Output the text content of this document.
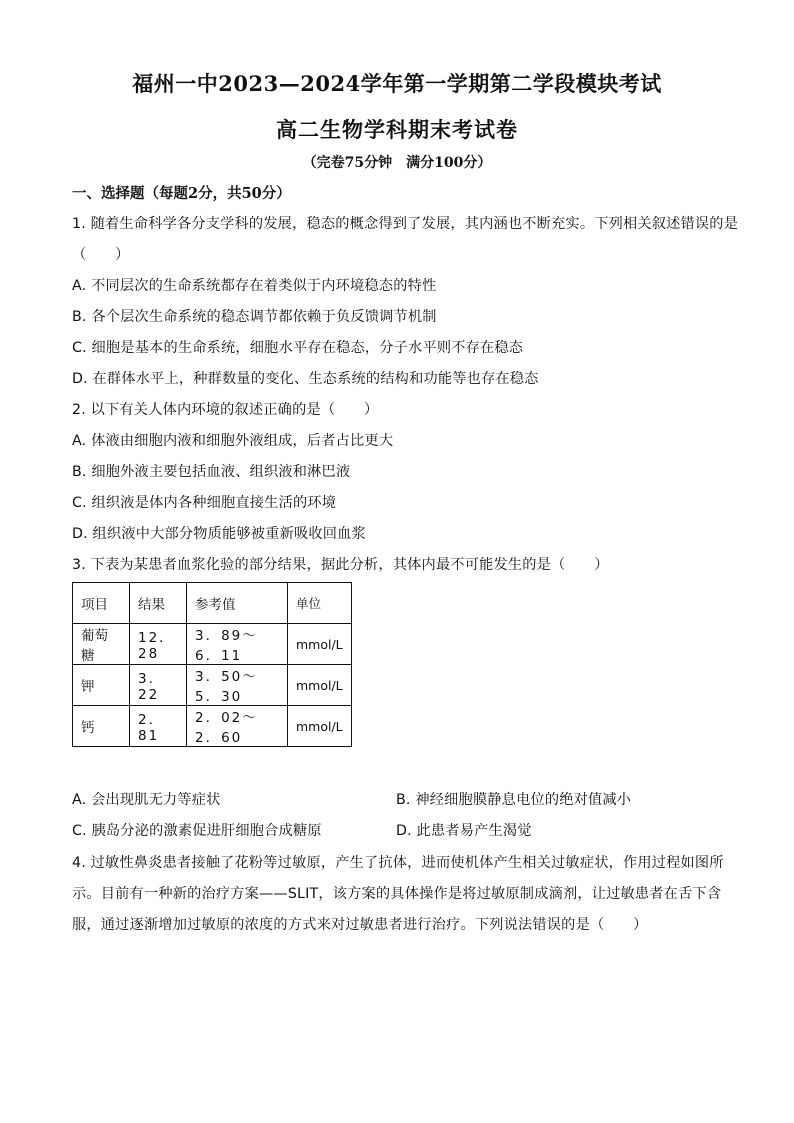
福州一中2023—2024学年第一学期第二学段模块考试
高二生物学科期末考试卷
（完卷75分钟　满分100分）
一、选择题（每题2分，共50分）
1. 随着生命科学各分支学科的发展，稳态的概念得到了发展，其内涵也不断充实。下列相关叙述错误的是
（　　）
A. 不同层次的生命系统都存在着类似于内环境稳态的特性
B. 各个层次生命系统的稳态调节都依赖于负反馈调节机制
C. 细胞是基本的生命系统，细胞水平存在稳态，分子水平则不存在稳态
D. 在群体水平上，种群数量的变化、生态系统的结构和功能等也存在稳态
2. 以下有关人体内环境的叙述正确的是（　　）
A. 体液由细胞内液和细胞外液组成，后者占比更大
B. 细胞外液主要包括血液、组织液和淋巴液
C. 组织液是体内各种细胞直接生活的环境
D. 组织液中大部分物质能够被重新吸收回血浆
3. 下表为某患者血浆化验的部分结果，据此分析，其体内最不可能发生的是（　　）
项目	结果	参考值	单位
葡萄糖	12．28	3．89～6．11	mmol/L
钾	3．22	3．50～5．30	mmol/L
钙	2．81	2．02～2．60	mmol/L
A. 会出现肌无力等症状	B. 神经细胞膜静息电位的绝对值减小
C. 胰岛分泌的激素促进肝细胞合成糖原	D. 此患者易产生渴觉
4. 过敏性鼻炎患者接触了花粉等过敏原，产生了抗体，进而使机体产生相关过敏症状，作用过程如图所
示。目前有一种新的治疗方案——SLIT，该方案的具体操作是将过敏原制成滴剂，让过敏患者在舌下含
服，通过逐渐增加过敏原的浓度的方式来对过敏患者进行治疗。下列说法错误的是（　　）
